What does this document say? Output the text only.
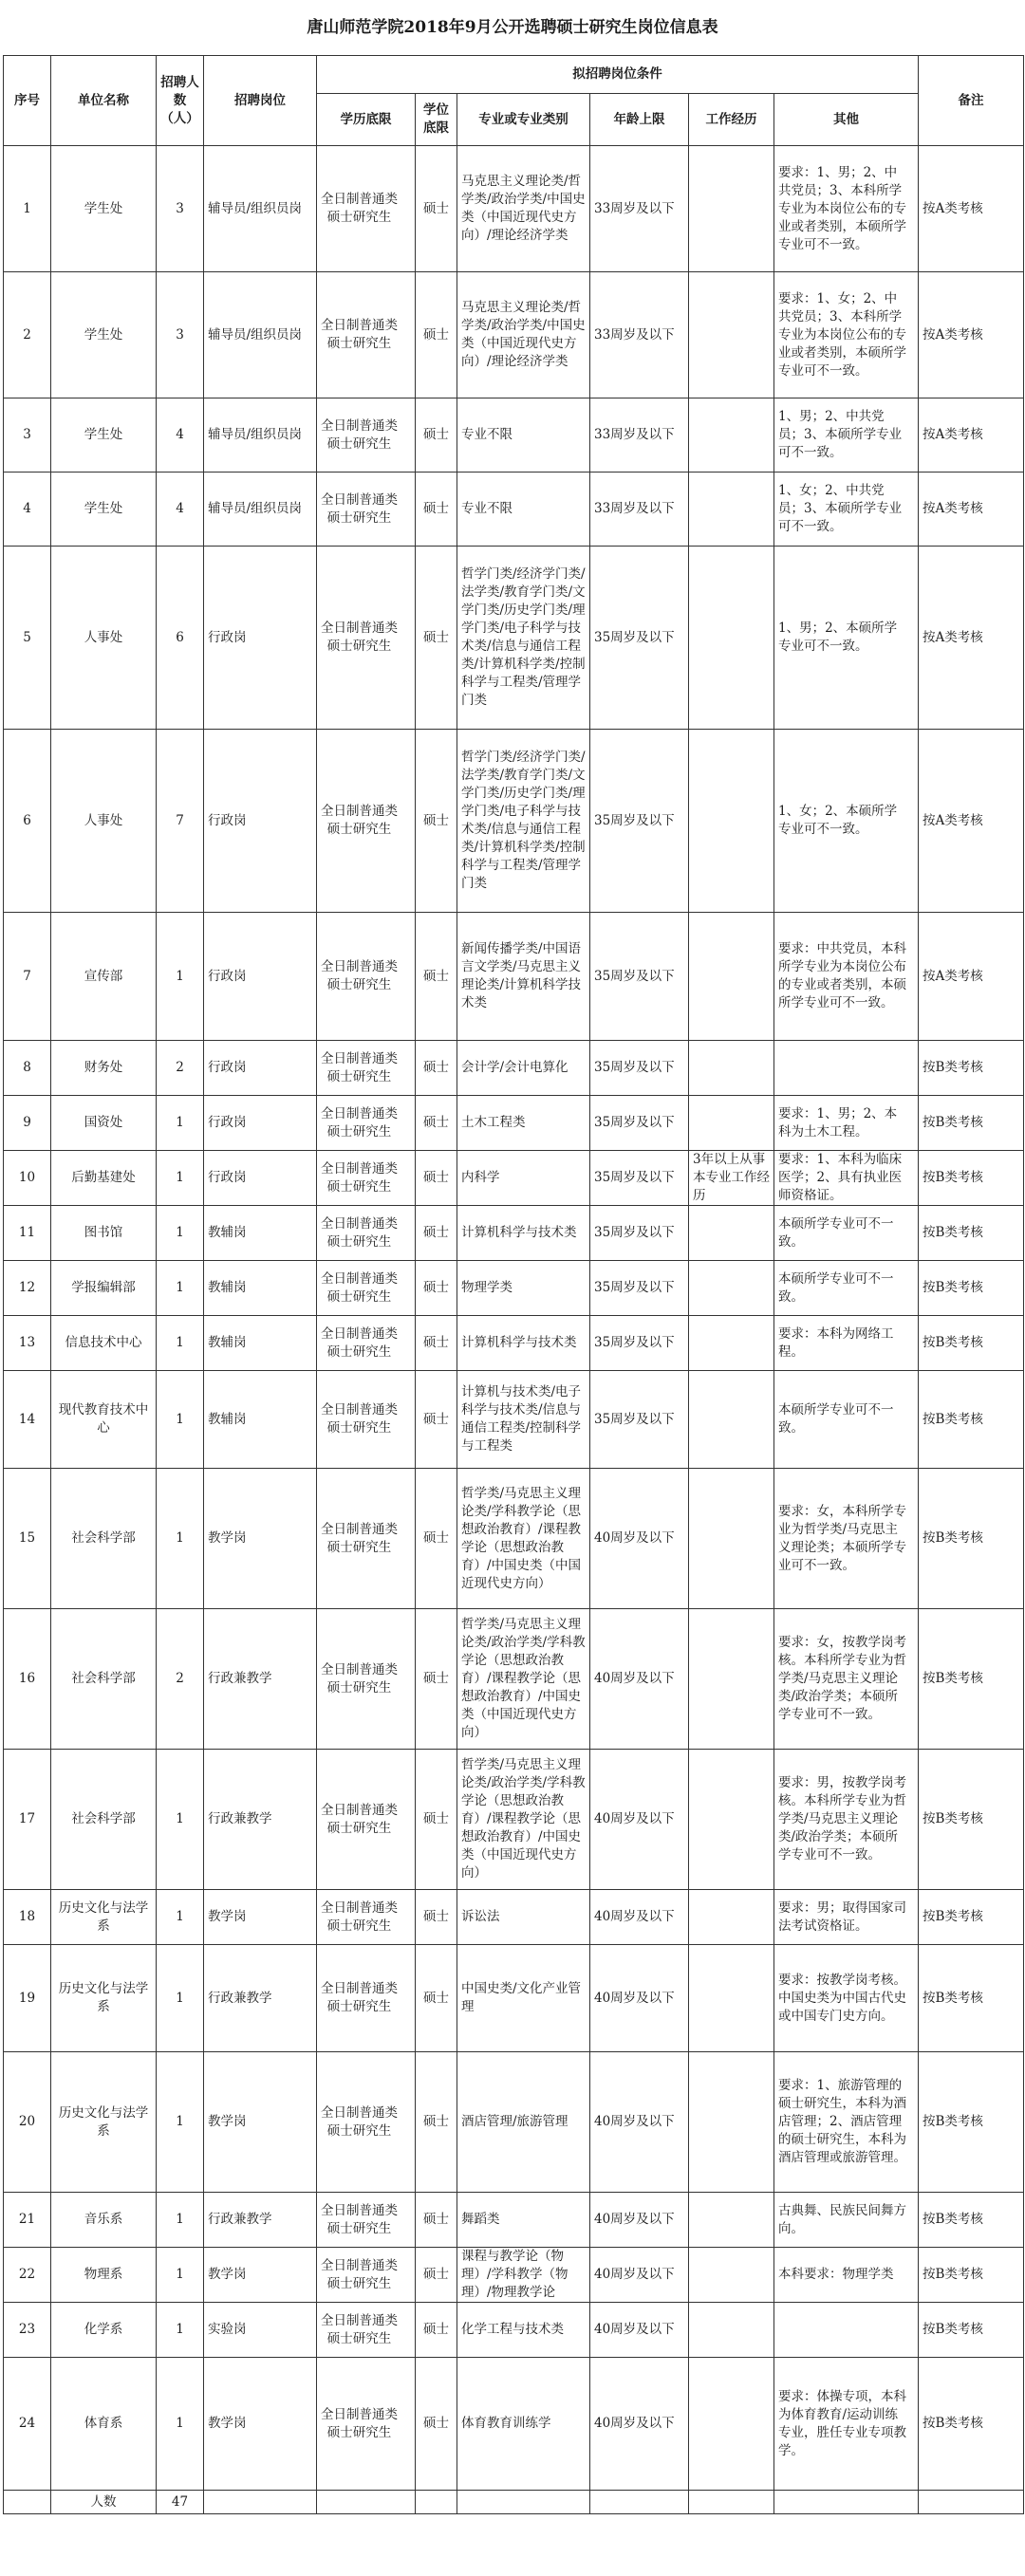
唐山师范学院2018年9月公开选聘硕士研究生岗位信息表
序号	单位名称	招聘人数（人）	招聘岗位	拟招聘岗位条件						备注
				学历底限	学位底限	专业或专业类别	年龄上限	工作经历	其他	
1	学生处	3	辅导员/组织员岗	全日制普通类硕士研究生	硕士	马克思主义理论类/哲学类/政治学类/中国史类（中国近现代史方向）/理论经济学类	33周岁及以下		要求：1、男；2、中共党员；3、本科所学专业为本岗位公布的专业或者类别，本硕所学专业可不一致。	按A类考核
2	学生处	3	辅导员/组织员岗	全日制普通类硕士研究生	硕士	马克思主义理论类/哲学类/政治学类/中国史类（中国近现代史方向）/理论经济学类	33周岁及以下		要求：1、女；2、中共党员；3、本科所学专业为本岗位公布的专业或者类别，本硕所学专业可不一致。	按A类考核
3	学生处	4	辅导员/组织员岗	全日制普通类硕士研究生	硕士	专业不限	33周岁及以下		1、男；2、中共党员；3、本硕所学专业可不一致。	按A类考核
4	学生处	4	辅导员/组织员岗	全日制普通类硕士研究生	硕士	专业不限	33周岁及以下		1、女；2、中共党员；3、本硕所学专业可不一致。	按A类考核
5	人事处	6	行政岗	全日制普通类硕士研究生	硕士	哲学门类/经济学门类/法学类/教育学门类/文学门类/历史学门类/理学门类/电子科学与技术类/信息与通信工程类/计算机科学类/控制科学与工程类/管理学门类	35周岁及以下		1、男；2、本硕所学专业可不一致。	按A类考核
6	人事处	7	行政岗	全日制普通类硕士研究生	硕士	哲学门类/经济学门类/法学类/教育学门类/文学门类/历史学门类/理学门类/电子科学与技术类/信息与通信工程类/计算机科学类/控制科学与工程类/管理学门类	35周岁及以下		1、女；2、本硕所学专业可不一致。	按A类考核
7	宣传部	1	行政岗	全日制普通类硕士研究生	硕士	新闻传播学类/中国语言文学类/马克思主义理论类/计算机科学技术类	35周岁及以下		要求：中共党员，本科所学专业为本岗位公布的专业或者类别，本硕所学专业可不一致。	按A类考核
8	财务处	2	行政岗	全日制普通类硕士研究生	硕士	会计学/会计电算化	35周岁及以下			按B类考核
9	国资处	1	行政岗	全日制普通类硕士研究生	硕士	土木工程类	35周岁及以下		要求：1、男；2、本科为土木工程。	按B类考核
10	后勤基建处	1	行政岗	全日制普通类硕士研究生	硕士	内科学	35周岁及以下	3年以上从事本专业工作经历	要求：1、本科为临床医学；2、具有执业医师资格证。	按B类考核
11	图书馆	1	教辅岗	全日制普通类硕士研究生	硕士	计算机科学与技术类	35周岁及以下		本硕所学专业可不一致。	按B类考核
12	学报编辑部	1	教辅岗	全日制普通类硕士研究生	硕士	物理学类	35周岁及以下		本硕所学专业可不一致。	按B类考核
13	信息技术中心	1	教辅岗	全日制普通类硕士研究生	硕士	计算机科学与技术类	35周岁及以下		要求：本科为网络工程。	按B类考核
14	现代教育技术中心	1	教辅岗	全日制普通类硕士研究生	硕士	计算机与技术类/电子科学与技术类/信息与通信工程类/控制科学与工程类	35周岁及以下		本硕所学专业可不一致。	按B类考核
15	社会科学部	1	教学岗	全日制普通类硕士研究生	硕士	哲学类/马克思主义理论类/学科教学论（思想政治教育）/课程教学论（思想政治教育）/中国史类（中国近现代史方向）	40周岁及以下		要求：女，本科所学专业为哲学类/马克思主义理论类；本硕所学专业可不一致。	按B类考核
16	社会科学部	2	行政兼教学	全日制普通类硕士研究生	硕士	哲学类/马克思主义理论类/政治学类/学科教学论（思想政治教育）/课程教学论（思想政治教育）/中国史类（中国近现代史方向）	40周岁及以下		要求：女，按教学岗考核。本科所学专业为哲学类/马克思主义理论类/政治学类；本硕所学专业可不一致。	按B类考核
17	社会科学部	1	行政兼教学	全日制普通类硕士研究生	硕士	哲学类/马克思主义理论类/政治学类/学科教学论（思想政治教育）/课程教学论（思想政治教育）/中国史类（中国近现代史方向）	40周岁及以下		要求：男，按教学岗考核。本科所学专业为哲学类/马克思主义理论类/政治学类；本硕所学专业可不一致。	按B类考核
18	历史文化与法学系	1	教学岗	全日制普通类硕士研究生	硕士	诉讼法	40周岁及以下		要求：男；取得国家司法考试资格证。	按B类考核
19	历史文化与法学系	1	行政兼教学	全日制普通类硕士研究生	硕士	中国史类/文化产业管理	40周岁及以下		要求：按教学岗考核。中国史类为中国古代史或中国专门史方向。	按B类考核
20	历史文化与法学系	1	教学岗	全日制普通类硕士研究生	硕士	酒店管理/旅游管理	40周岁及以下		要求：1、旅游管理的硕士研究生，本科为酒店管理；2、酒店管理的硕士研究生，本科为酒店管理或旅游管理。	按B类考核
21	音乐系	1	行政兼教学	全日制普通类硕士研究生	硕士	舞蹈类	40周岁及以下		古典舞、民族民间舞方向。	按B类考核
22	物理系	1	教学岗	全日制普通类硕士研究生	硕士	课程与教学论（物理）/学科教学（物理）/物理教学论	40周岁及以下		本科要求：物理学类	按B类考核
23	化学系	1	实验岗	全日制普通类硕士研究生	硕士	化学工程与技术类	40周岁及以下			按B类考核
24	体育系	1	教学岗	全日制普通类硕士研究生	硕士	体育教育训练学	40周岁及以下		要求：体操专项，本科为体育教育/运动训练专业，胜任专业专项教学。	按B类考核
	人数	47								
